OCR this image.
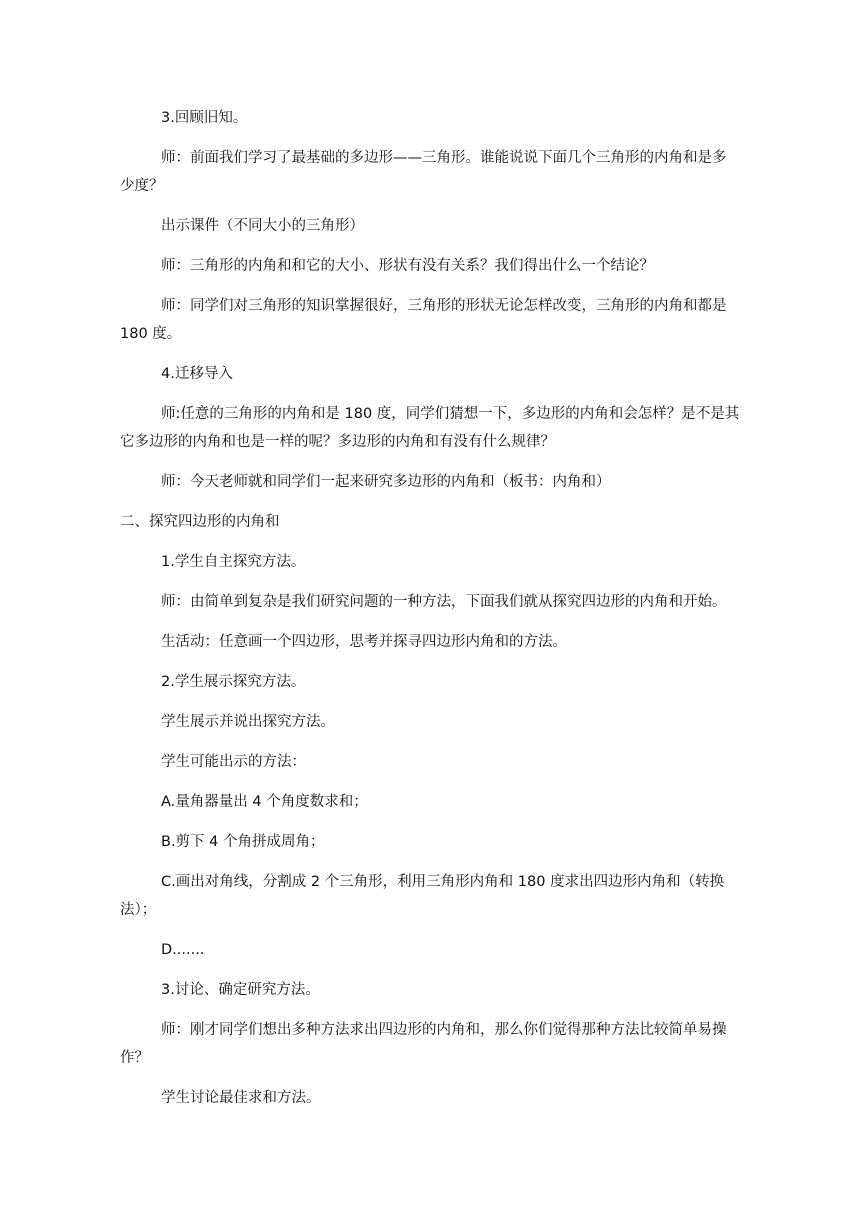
3.回顾旧知。

师：前面我们学习了最基础的多边形——三角形。谁能说说下面几个三角形的内角和是多少度？

出示课件（不同大小的三角形）

师：三角形的内角和和它的大小、形状有没有关系？我们得出什么一个结论？

师：同学们对三角形的知识掌握很好，三角形的形状无论怎样改变，三角形的内角和都是 180 度。

4.迁移导入

师:任意的三角形的内角和是 180 度，同学们猜想一下，多边形的内角和会怎样？是不是其它多边形的内角和也是一样的呢？多边形的内角和有没有什么规律？

师：今天老师就和同学们一起来研究多边形的内角和（板书：内角和）

二、探究四边形的内角和

1.学生自主探究方法。

师：由简单到复杂是我们研究问题的一种方法，下面我们就从探究四边形的内角和开始。

生活动：任意画一个四边形，思考并探寻四边形内角和的方法。

2.学生展示探究方法。

学生展示并说出探究方法。

学生可能出示的方法：

A.量角器量出 4 个角度数求和；

B.剪下 4 个角拼成周角；

C.画出对角线，分割成 2 个三角形，利用三角形内角和 180 度求出四边形内角和（转换法）；

D.......

3.讨论、确定研究方法。

师：刚才同学们想出多种方法求出四边形的内角和，那么你们觉得那种方法比较简单易操作？

学生讨论最佳求和方法。
